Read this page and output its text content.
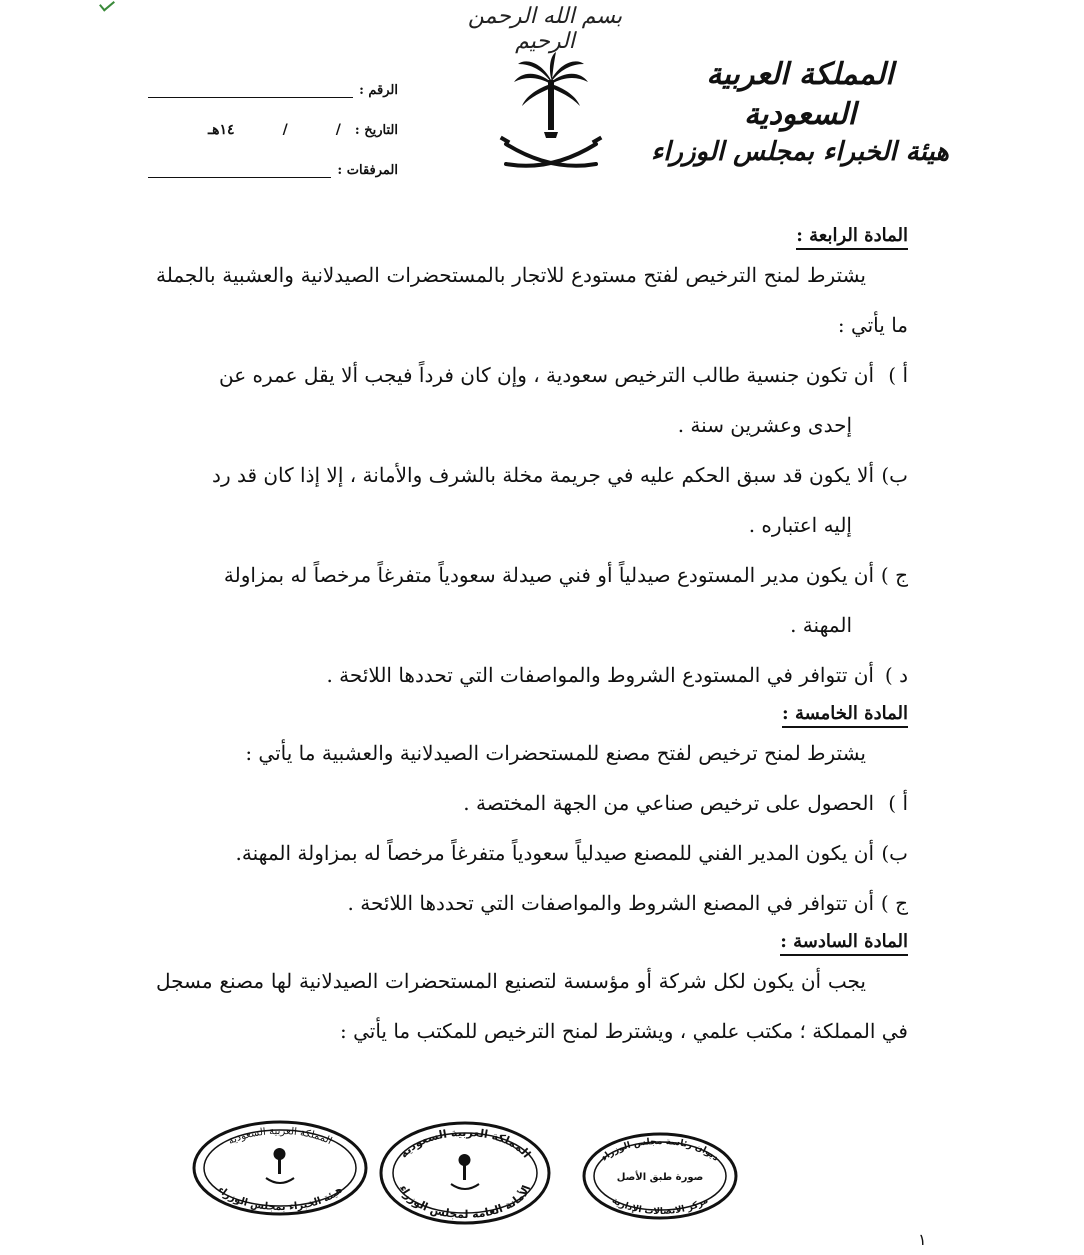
بسم الله الرحمن الرحيم
المملكة العربية السعودية
هيئة الخبراء بمجلس الوزراء
الرقم :
التاريخ :
/
/
١٤هـ
المرفقات :

المادة الرابعة :

يشترط لمنح الترخيص لفتح مستودع للاتجار بالمستحضرات الصيدلانية والعشبية بالجملة ما يأتي :

أ )
أن تكون جنسية طالب الترخيص سعودية ، وإن كان فرداً فيجب ألا يقل عمره عن
إحدى وعشرين سنة .
ب)
ألا يكون قد سبق الحكم عليه في جريمة مخلة بالشرف والأمانة ، إلا إذا كان قد رد
إليه اعتباره .
ج )
أن يكون مدير المستودع صيدلياً أو فني صيدلة سعودياً متفرغاً مرخصاً له بمزاولة
المهنة .
د )
أن تتوافر في المستودع الشروط والمواصفات التي تحددها اللائحة .

المادة الخامسة :

يشترط لمنح ترخيص لفتح مصنع للمستحضرات الصيدلانية والعشبية ما يأتي :

أ )
الحصول على ترخيص صناعي من الجهة المختصة .
ب)
أن يكون المدير الفني للمصنع صيدلياً سعودياً متفرغاً مرخصاً له بمزاولة المهنة.
ج )
أن تتوافر في المصنع الشروط والمواصفات التي تحددها اللائحة .

المادة السادسة :

يجب أن يكون لكل شركة أو مؤسسة لتصنيع المستحضرات الصيدلانية لها مصنع مسجل في المملكة ؛ مكتب علمي ، ويشترط لمنح الترخيص للمكتب ما يأتي :

المملكة العربية السعودية
هيئة الخبراء بمجلس الوزراء
المملكة العربية السعودية
الأمانة العامة لمجلس الوزراء
ديوان رئاسة مجلس الوزراء
صورة طبق الأصل
مركز الاتصالات الإدارية
١
